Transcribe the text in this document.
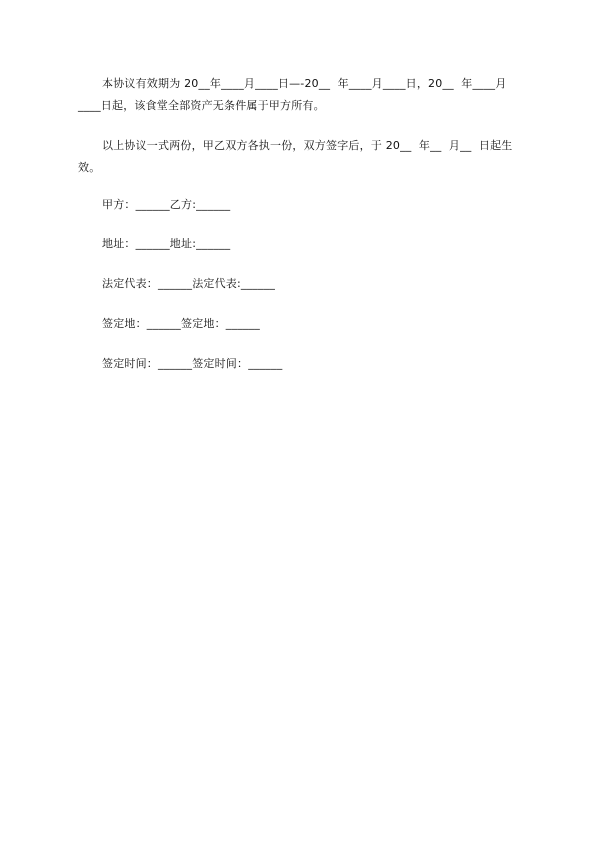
本协议有效期为 20__年____月____日—-20__  年____月____日，20__  年____月____日起，该食堂全部资产无条件属于甲方所有。

以上协议一式两份，甲乙双方各执一份，双方签字后，于 20__  年__  月__  日起生效。

甲方：______乙方:______

地址：______地址:______

法定代表：______法定代表:______

签定地：______签定地：______

签定时间：______签定时间：______
